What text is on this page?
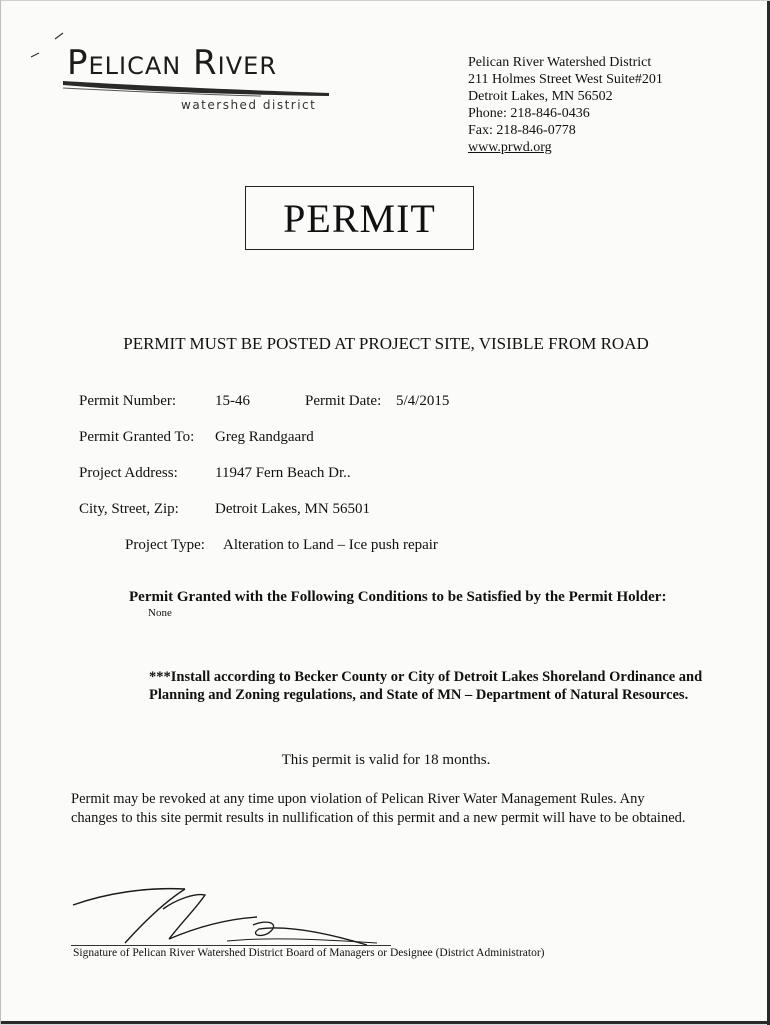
Pelican River
watershed district
Pelican River Watershed District
211 Holmes Street West Suite#201
Detroit Lakes, MN 56502
Phone: 218-846-0436
Fax: 218-846-0778
www.prwd.org
PERMIT
PERMIT MUST BE POSTED AT PROJECT SITE, VISIBLE FROM ROAD
Permit Number:	15-46	Permit Date: 5/4/2015
Permit Granted To: Greg Randgaard
Project Address: 11947 Fern Beach Dr..
City, Street, Zip: Detroit Lakes, MN 56501
Project Type: Alteration to Land – Ice push repair
Permit Granted with the Following Conditions to be Satisfied by the Permit Holder:
None
***Install according to Becker County or City of Detroit Lakes Shoreland Ordinance and Planning and Zoning regulations, and State of MN – Department of Natural Resources.
This permit is valid for 18 months.
Permit may be revoked at any time upon violation of Pelican River Water Management Rules. Any changes to this site permit results in nullification of this permit and a new permit will have to be obtained.
Signature of Pelican River Watershed District Board of Managers or Designee (District Administrator)
